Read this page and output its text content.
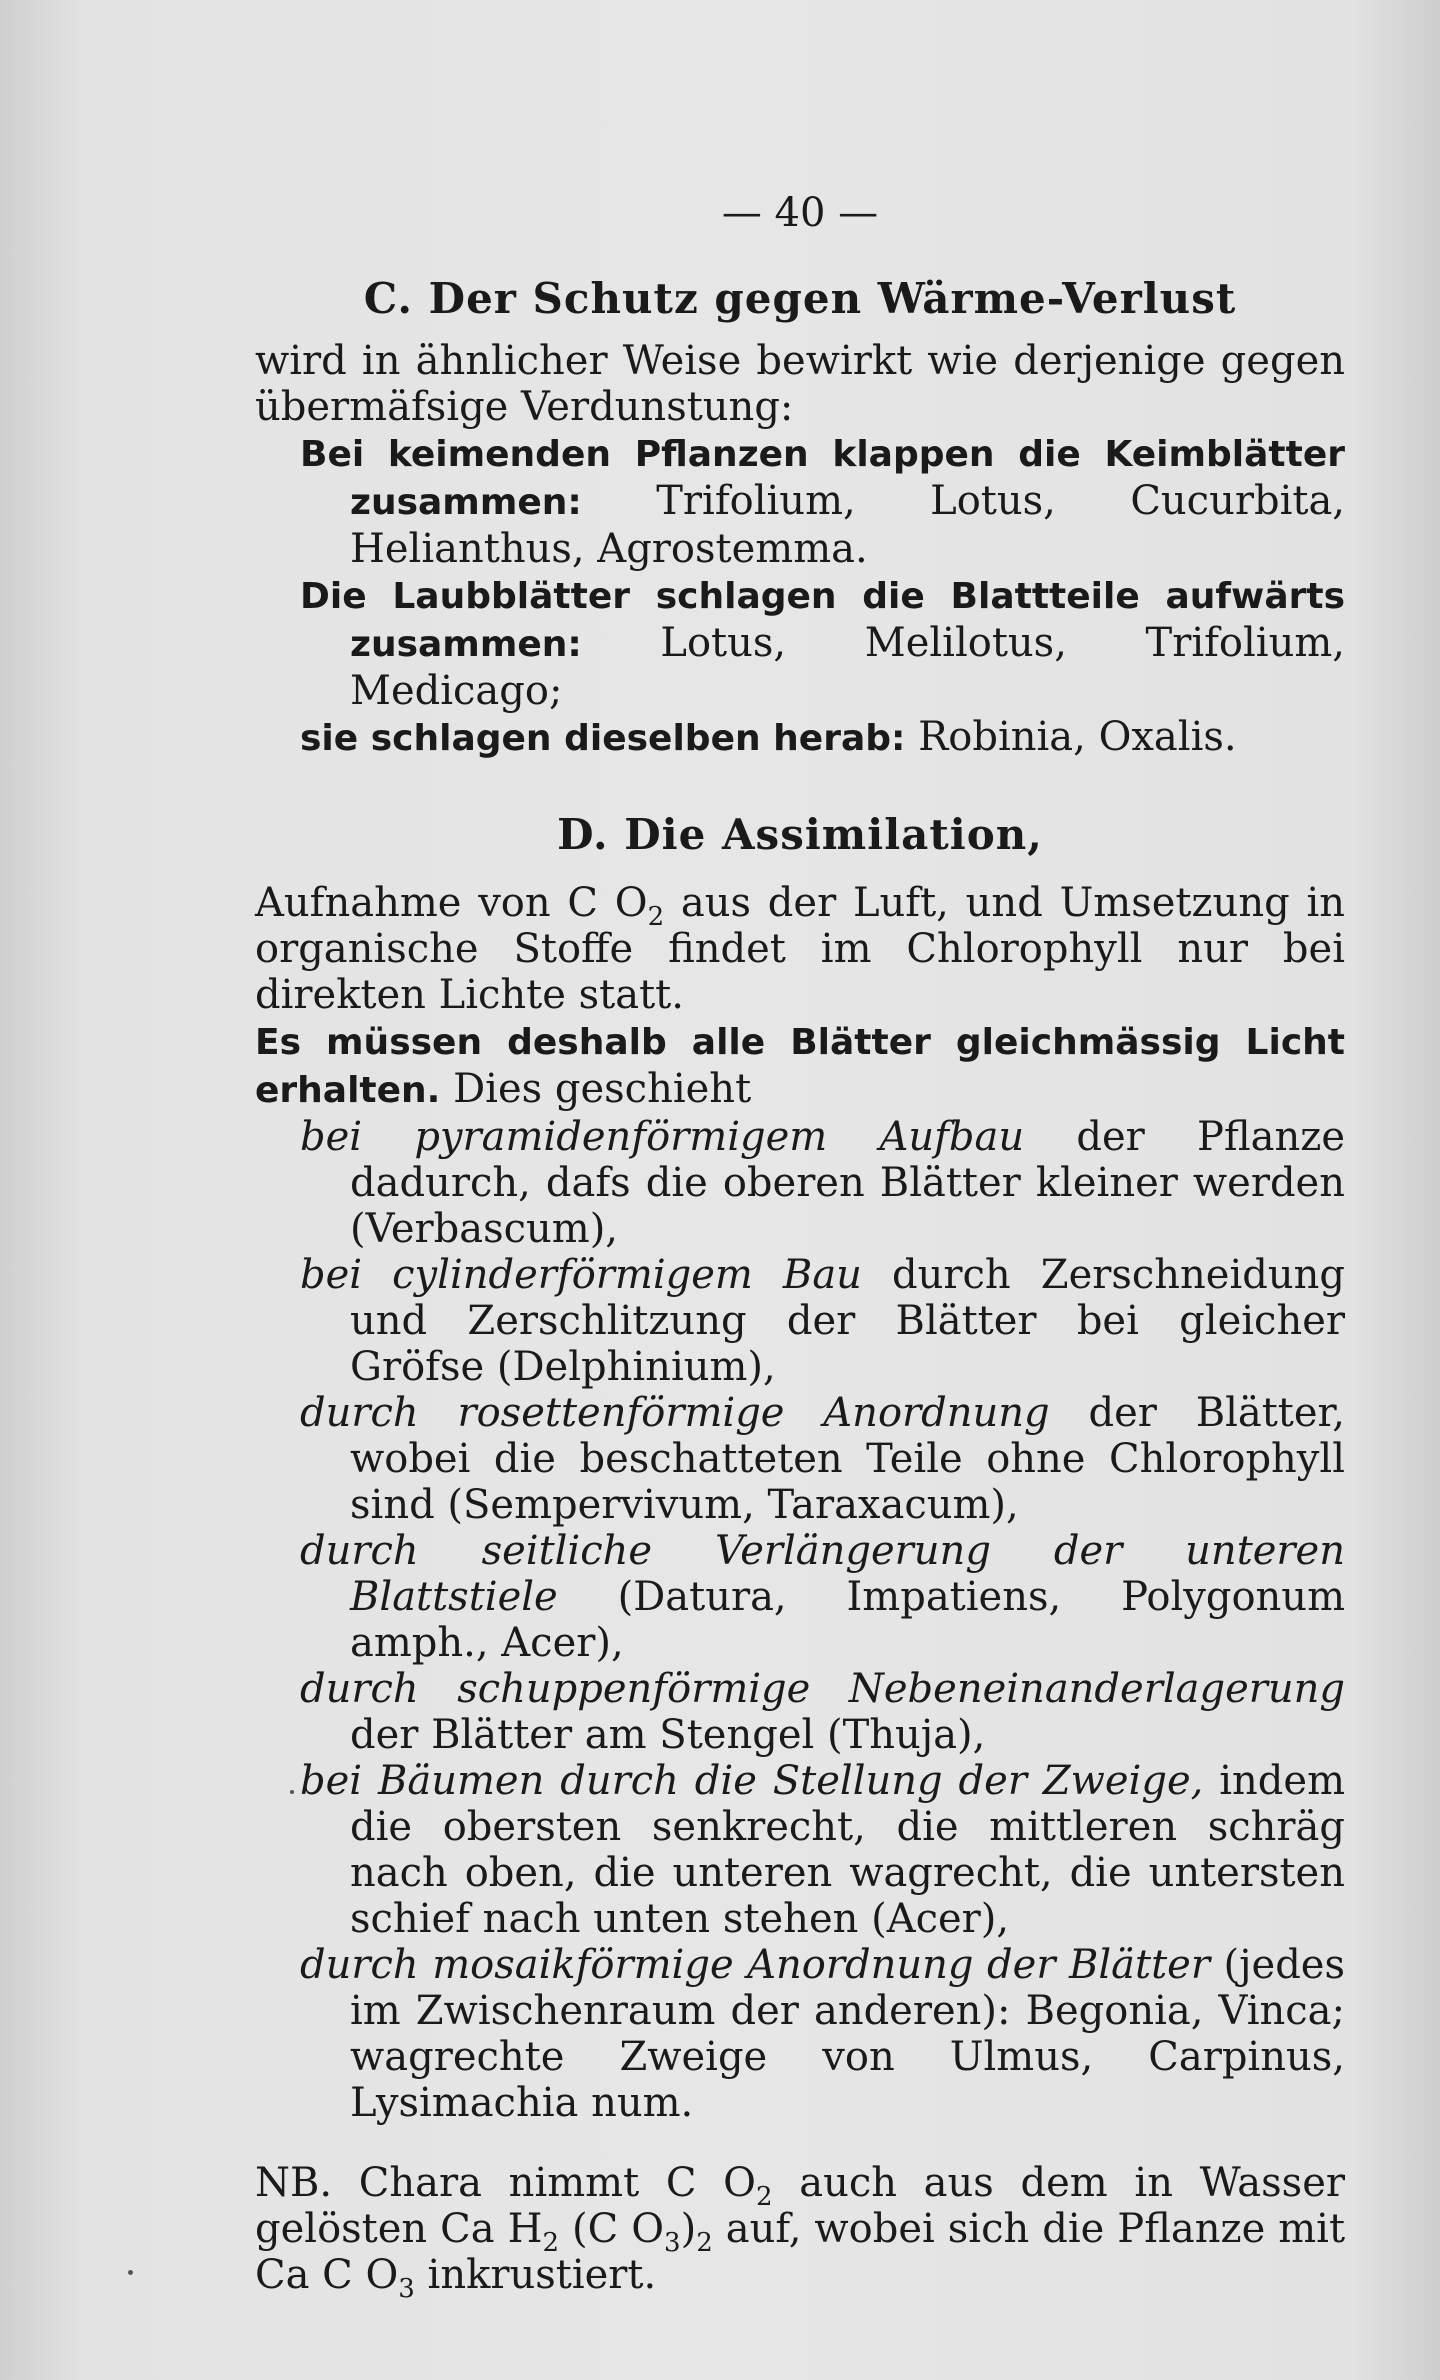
— 40 —
C. Der Schutz gegen Wärme-Verlust

wird in ähnlicher Weise bewirkt wie derjenige gegen übermäfsige Verdunstung:

Bei keimenden Pflanzen klappen die Keimblätter zusammen: Trifolium, Lotus, Cucurbita, Helianthus, Agrostemma.

Die Laubblätter schlagen die Blattteile aufwärts zusammen: Lotus, Melilotus, Trifolium, Medicago;

sie schlagen dieselben herab: Robinia, Oxalis.

D. Die Assimilation,

Aufnahme von C $O_2$ aus der Luft, und Umsetzung in organische Stoffe findet im Chlorophyll nur bei direkten Lichte statt.

Es müssen deshalb alle Blätter gleichmässig Licht erhalten. Dies geschieht

bei pyramidenförmigem Aufbau der Pflanze dadurch, dafs die oberen Blätter kleiner werden (Verbascum),

bei cylinderförmigem Bau durch Zerschneidung und Zerschlitzung der Blätter bei gleicher Gröfse (Delphinium),

durch rosettenförmige Anordnung der Blätter, wobei die beschatteten Teile ohne Chlorophyll sind (Sempervivum, Taraxacum),

durch seitliche Verlängerung der unteren Blattstiele (Datura, Impatiens, Polygonum amph., Acer),

durch schuppenförmige Nebeneinanderlagerung der Blätter am Stengel (Thuja),

bei Bäumen durch die Stellung der Zweige, indem die obersten senkrecht, die mittleren schräg nach oben, die unteren wagrecht, die untersten schief nach unten stehen (Acer),

durch mosaikförmige Anordnung der Blätter (jedes im Zwischenraum der anderen): Begonia, Vinca; wagrechte Zweige von Ulmus, Carpinus, Lysimachia num.

NB. Chara nimmt C $O_2$ auch aus dem in Wasser gelösten Ca $H_2$ (C $O_3)_2$ auf, wobei sich die Pflanze mit Ca C $O_3$ inkrustiert.
